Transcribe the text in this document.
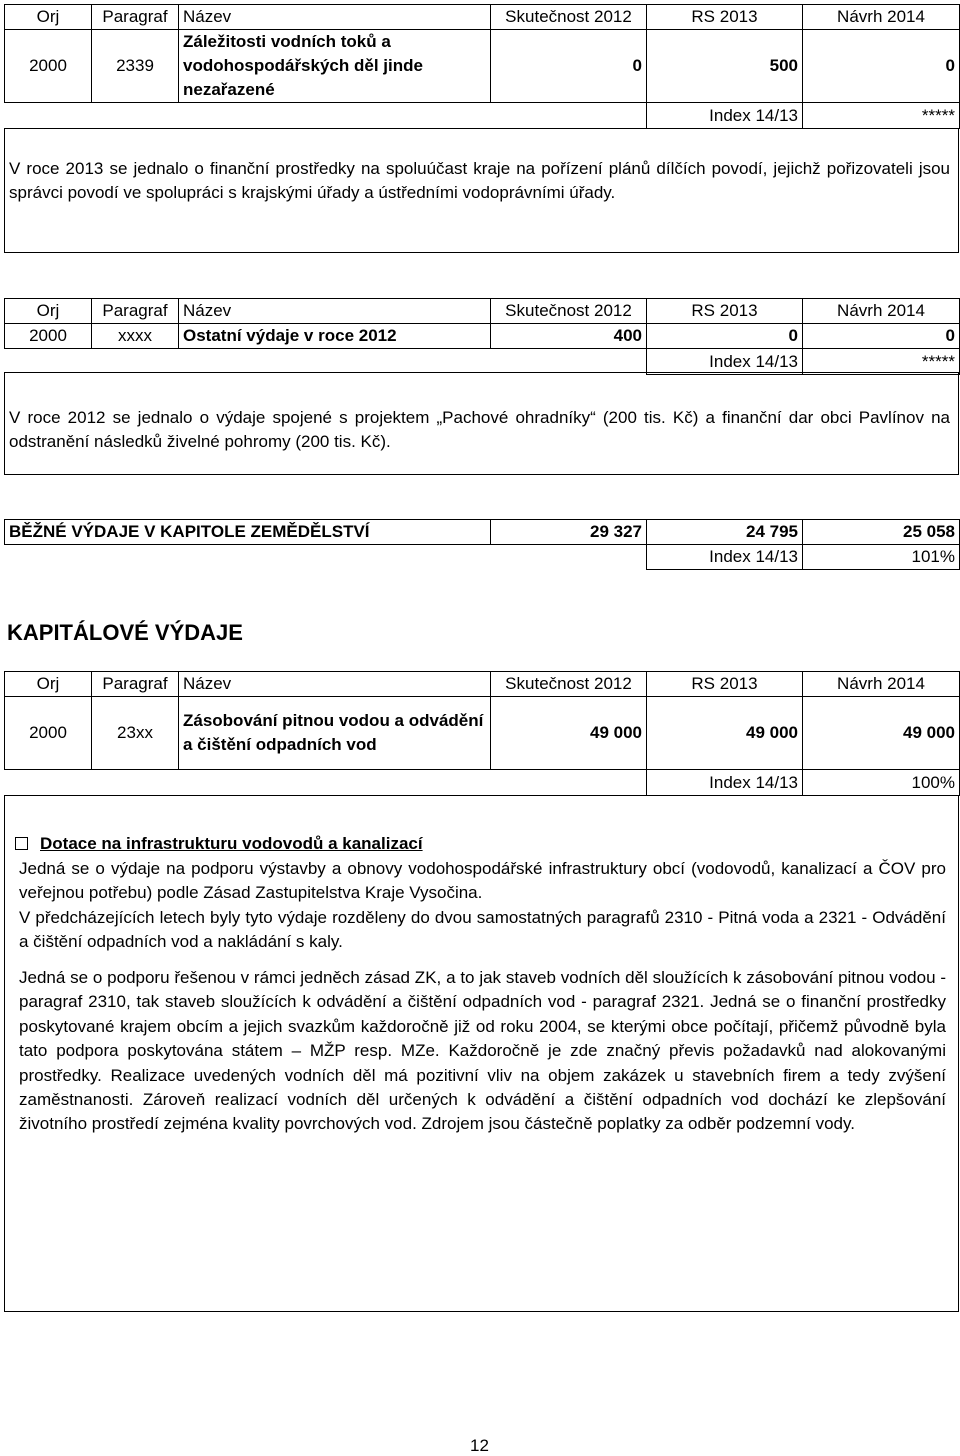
Orj	Paragraf	Název	Skutečnost 2012	RS 2013	Návrh 2014
2000	2339	Záležitosti vodních toků a vodohospodářských děl jinde nezařazené	0	500	0
				Index 14/13	*****
V roce 2013 se jednalo o finanční prostředky na spoluúčast kraje na pořízení plánů dílčích povodí, jejichž pořizovateli jsou správci povodí ve spolupráci s krajskými úřady a ústředními vodoprávními úřady.
Orj	Paragraf	Název	Skutečnost 2012	RS 2013	Návrh 2014
2000	xxxx	Ostatní výdaje v roce 2012	400	0	0
				Index 14/13	*****
V roce 2012 se jednalo o výdaje spojené s projektem „Pachové ohradníky“ (200 tis. Kč) a finanční dar obci Pavlínov na odstranění následků živelné pohromy (200 tis. Kč).
BĚŽNÉ VÝDAJE V KAPITOLE ZEMĚDĚLSTVÍ	29 327	24 795	25 058
		Index 14/13	101%
KAPITÁLOVÉ VÝDAJE
Orj	Paragraf	Název	Skutečnost 2012	RS 2013	Návrh 2014
2000	23xx	Zásobování pitnou vodou a odvádění a čištění odpadních vod	49 000	49 000	49 000
				Index 14/13	100%
Dotace na infrastrukturu vodovodů a kanalizací
Jedná se o výdaje na podporu výstavby a obnovy vodohospodářské infrastruktury obcí (vodovodů, kanalizací a ČOV pro veřejnou potřebu) podle Zásad Zastupitelstva Kraje Vysočina.
V předcházejících letech byly tyto výdaje rozděleny do dvou samostatných paragrafů 2310 - Pitná voda a 2321 - Odvádění a čištění odpadních vod a nakládání s kaly.
Jedná se o podporu řešenou v rámci jedněch zásad ZK, a to jak staveb vodních děl sloužících k zásobování pitnou vodou - paragraf 2310, tak staveb sloužících k odvádění a čištění odpadních vod - paragraf 2321. Jedná se o finanční prostředky poskytované krajem obcím a jejich svazkům každoročně již od roku 2004, se kterými obce počítají, přičemž původně byla tato podpora poskytována státem – MŽP resp. MZe. Každoročně je zde značný převis požadavků nad alokovanými prostředky. Realizace uvedených vodních děl má pozitivní vliv na objem zakázek u stavebních firem a tedy zvýšení zaměstnanosti. Zároveň realizací vodních děl určených k odvádění a čištění odpadních vod dochází ke zlepšování životního prostředí zejména kvality povrchových vod. Zdrojem jsou částečně poplatky za odběr podzemní vody.
12
